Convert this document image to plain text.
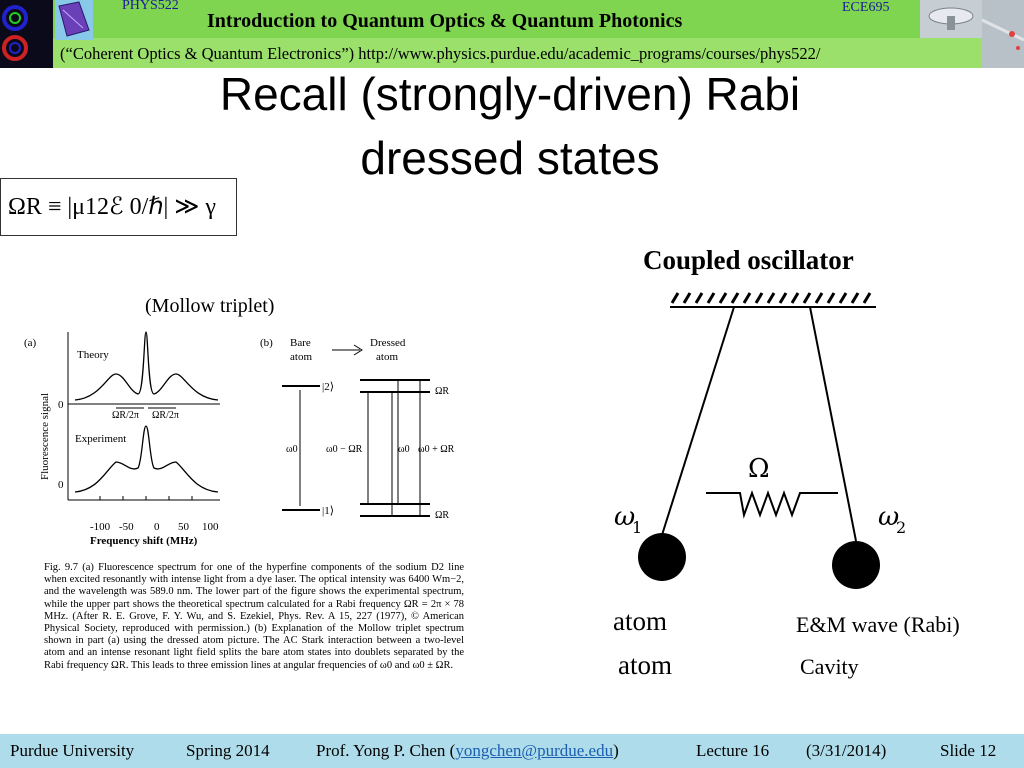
PHYS522	ECE695
Introduction to Quantum Optics & Quantum Photonics
(“Coherent Optics & Quantum Electronics”) http://www.physics.purdue.edu/academic_programs/courses/phys522/
Recall (strongly-driven) Rabi
dressed states
ΩR ≡ |μ12ℰ 0/ℏ| ≫ γ
(Mollow triplet)
(a)	(b)
Theory
Experiment
0
0
Fluorescence signal
-100 -50 0 50 100
Frequency shift (MHz)
ΩR/2π ΩR/2π
Bare
atom
Dressed
atom
|2⟩
|1⟩
ω0	ω0 − ΩR	ω0 ω0 + ΩR
ΩR
ΩR
Fig. 9.7 (a) Fluorescence spectrum for one of the hyperfine components of the sodium D2 line when excited resonantly with intense light from a dye laser. The optical intensity was 6400 Wm−2, and the wavelength was 589.0 nm. The lower part of the figure shows the experimental spectrum, while the upper part shows the theoretical spectrum calculated for a Rabi frequency ΩR = 2π × 78 MHz. (After R. E. Grove, F. Y. Wu, and S. Ezekiel, Phys. Rev. A 15, 227 (1977), © American Physical Society, reproduced with permission.) (b) Explanation of the Mollow triplet spectrum shown in part (a) using the dressed atom picture. The AC Stark interaction between a two-level atom and an intense resonant light field splits the bare atom states into doublets separated by the Rabi frequency ΩR. This leads to three emission lines at angular frequencies of ω0 and ω0 ± ΩR.
Coupled oscillator
Ω
ω
1	ω
2
atom
atom
E&M wave (Rabi)
Cavity
Purdue University	Spring 2014	Prof. Yong P. Chen (yongchen@purdue.edu)	Lecture 16 (3/31/2014)	Slide 12
